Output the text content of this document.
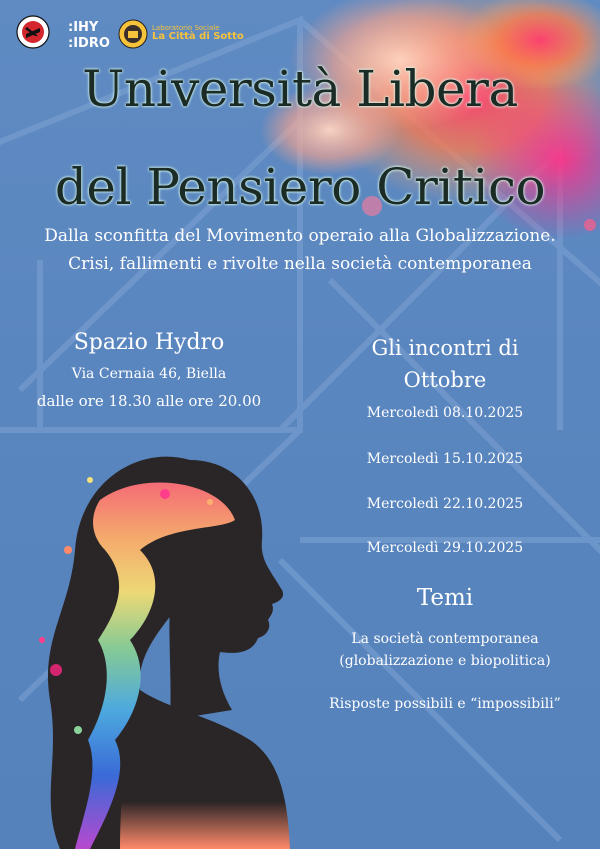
:IHY
:IDRO
Laboratorio Sociale
La Città di Sotto
Università Libera
del Pensiero Critico
Dalla sconfitta del Movimento operaio alla Globalizzazione.
Crisi, fallimenti e rivolte nella società contemporanea
Spazio Hydro
Via Cernaia 46, Biella
dalle ore 18.30 alle ore 20.00
Gli incontri di Ottobre
Mercoledì 08.10.2025
Mercoledì 15.10.2025
Mercoledì 22.10.2025
Mercoledì 29.10.2025
Temi
La società contemporanea (globalizzazione e biopolitica)
Risposte possibili e “impossibili”
